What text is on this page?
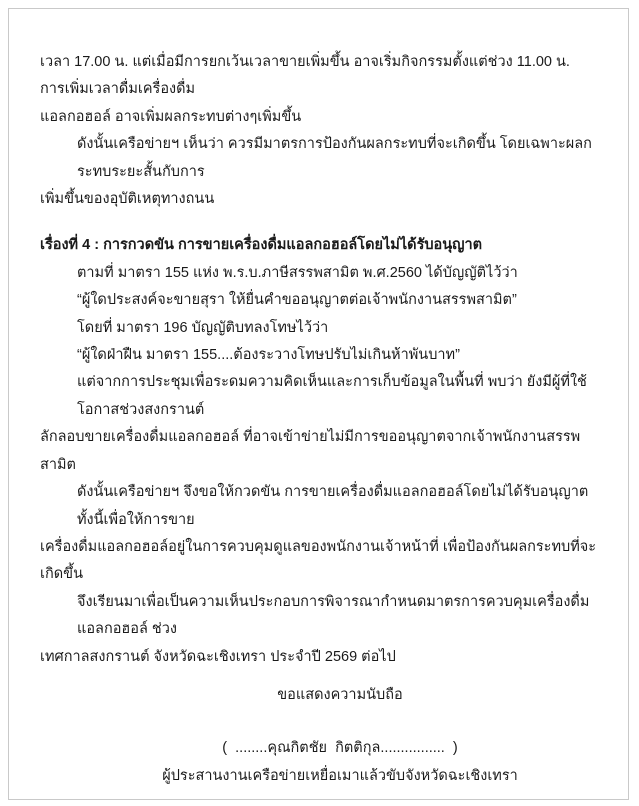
เวลา 17.00 น. แต่เมื่อมีการยกเว้นเวลาขายเพิ่มขึ้น อาจเริ่มกิจกรรมตั้งแต่ช่วง 11.00 น. การเพิ่มเวลาดื่มเครื่องดื่ม
แอลกอฮอล์ อาจเพิ่มผลกระทบต่างๆเพิ่มขึ้น
ดังนั้นเครือข่ายฯ เห็นว่า ควรมีมาตรการป้องกันผลกระทบที่จะเกิดขึ้น โดยเฉพาะผลกระทบระยะสั้นกับการ
เพิ่มขึ้นของอุบัติเหตุทางถนน
เรื่องที่ 4 : การกวดขัน การขายเครื่องดื่มแอลกอฮอล์โดยไม่ได้รับอนุญาต
ตามที่ มาตรา 155 แห่ง พ.ร.บ.ภาษีสรรพสามิต พ.ศ.2560 ได้บัญญัติไว้ว่า
“ผู้ใดประสงค์จะขายสุรา ให้ยื่นคำขออนุญาตต่อเจ้าพนักงานสรรพสามิต”
โดยที่ มาตรา 196 บัญญัติบทลงโทษไว้ว่า
“ผู้ใดฝ่าฝืน มาตรา 155....ต้องระวางโทษปรับไม่เกินห้าพันบาท”
แต่จากการประชุมเพื่อระดมความคิดเห็นและการเก็บข้อมูลในพื้นที่ พบว่า ยังมีผู้ที่ใช้โอกาสช่วงสงกรานต์
ลักลอบขายเครื่องดื่มแอลกอฮอล์ ที่อาจเข้าข่ายไม่มีการขออนุญาตจากเจ้าพนักงานสรรพสามิต
ดังนั้นเครือข่ายฯ จึงขอให้กวดขัน การขายเครื่องดื่มแอลกอฮอล์โดยไม่ได้รับอนุญาต ทั้งนี้เพื่อให้การขาย
เครื่องดื่มแอลกอฮอล์อยู่ในการควบคุมดูแลของพนักงานเจ้าหน้าที่ เพื่อป้องกันผลกระทบที่จะเกิดขึ้น
จึงเรียนมาเพื่อเป็นความเห็นประกอบการพิจารณากำหนดมาตรการควบคุมเครื่องดื่มแอลกอฮอล์ ช่วง
เทศกาลสงกรานต์ จังหวัดฉะเชิงเทรา ประจำปี 2569 ต่อไป
ขอแสดงความนับถือ
(  ........คุณกิตชัย  กิตติกุล................  )
ผู้ประสานงานเครือข่ายเหยื่อเมาแล้วขับจังหวัดฉะเชิงเทรา
